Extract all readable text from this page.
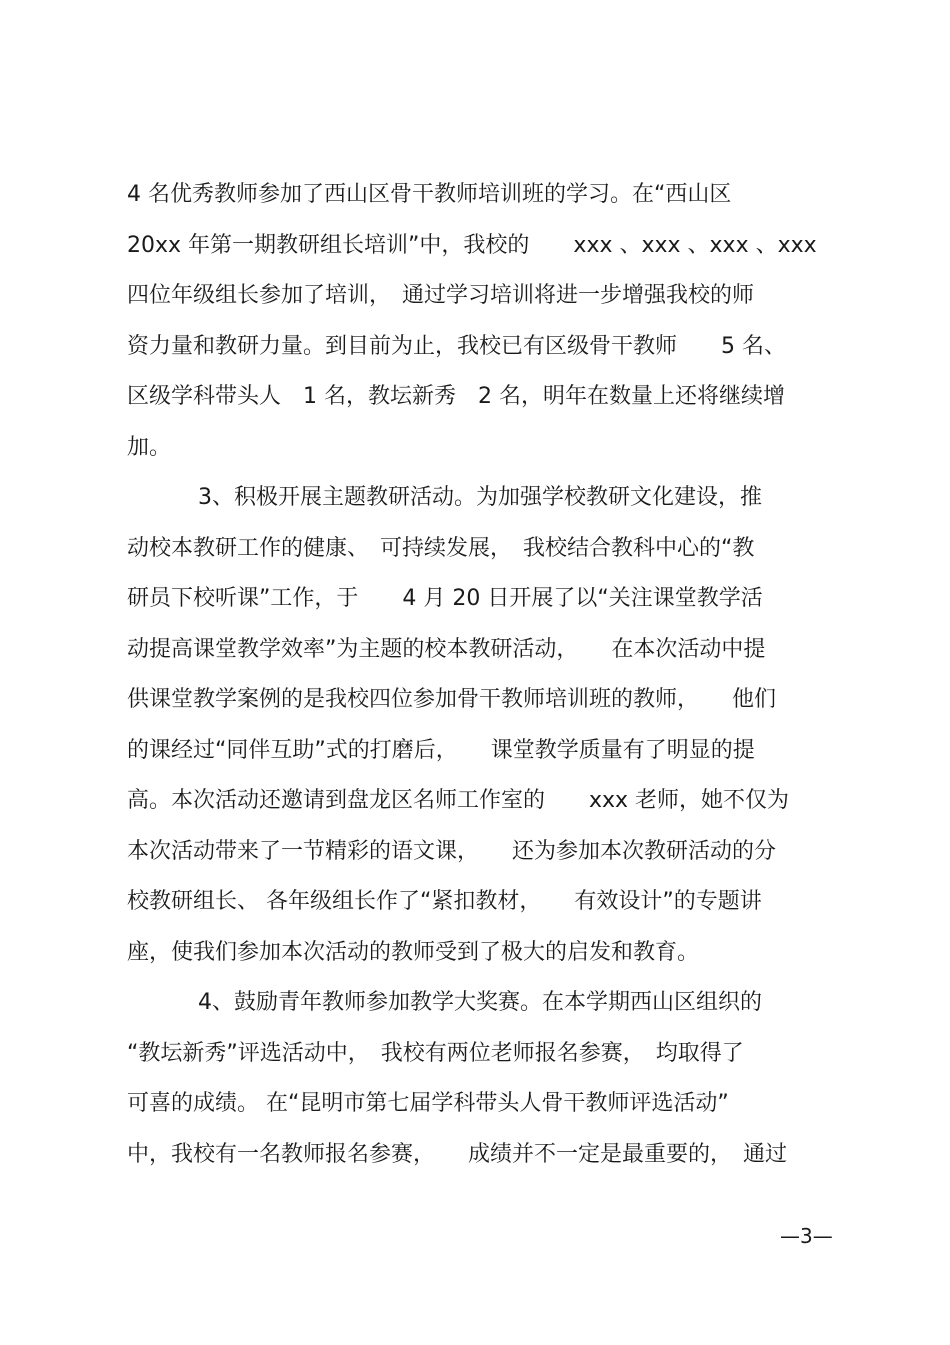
4 名优秀教师参加了西山区骨干教师培训班的学习。在“西山区
20xx 年第一期教研组长培训”中，我校的　　xxx 、xxx 、xxx 、xxx
四位年级组长参加了培训，　通过学习培训将进一步增强我校的师
资力量和教研力量。到目前为止，我校已有区级骨干教师　　5 名、
区级学科带头人　1 名，教坛新秀　2 名，明年在数量上还将继续增
加。
　3、积极开展主题教研活动。为加强学校教研文化建设，推
动校本教研工作的健康、　可持续发展，　我校结合教科中心的“教
研员下校听课”工作，于　　4 月 20 日开展了以“关注课堂教学活
动提高课堂教学效率”为主题的校本教研活动，　　在本次活动中提
供课堂教学案例的是我校四位参加骨干教师培训班的教师，　　他们
的课经过“同伴互助”式的打磨后，　　课堂教学质量有了明显的提
高。本次活动还邀请到盘龙区名师工作室的　　xxx 老师，她不仅为
本次活动带来了一节精彩的语文课，　　还为参加本次教研活动的分
校教研组长、 各年级组长作了“紧扣教材，　　有效设计”的专题讲
座，使我们参加本次活动的教师受到了极大的启发和教育。
　4、鼓励青年教师参加教学大奖赛。在本学期西山区组织的
“教坛新秀”评选活动中，　我校有两位老师报名参赛，　均取得了
可喜的成绩。 在“昆明市第七届学科带头人骨干教师评选活动”
中，我校有一名教师报名参赛，　　成绩并不一定是最重要的，　通过
—3—
